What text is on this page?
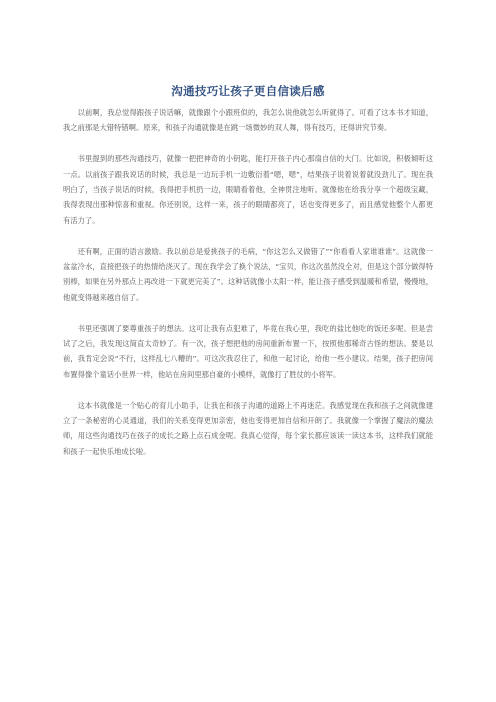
沟通技巧让孩子更自信读后感

以前啊，我总觉得跟孩子说话嘛，就像跟个小跟班似的，我怎么说他就怎么听就得了。可看了这本书才知道，我之前那是大错特错啊。原来，和孩子沟通就像是在跳一场微妙的双人舞，得有技巧，还得讲究节奏。

书里提到的那些沟通技巧，就像一把把神奇的小钥匙，能打开孩子内心那扇自信的大门。比如说，积极倾听这一点。以前孩子跟我说话的时候，我总是一边玩手机一边敷衍着“嗯，嗯”，结果孩子说着说着就没劲儿了。现在我明白了，当孩子说话的时候，我得把手机扔一边，眼睛看着他，全神贯注地听。就像他在给我分享一个超级宝藏，我得表现出那种惊喜和重视。你还别说，这样一来，孩子的眼睛都亮了，话也变得更多了，而且感觉他整个人都更有活力了。

还有啊，正面的语言激励。我以前总是爱挑孩子的毛病，“你这怎么又做错了”“你看看人家谁谁谁”。这就像一盆盆冷水，直接把孩子的热情给浇灭了。现在我学会了换个说法，“宝贝，你这次虽然没全对，但是这个部分做得特别棒，如果在另外那点上再改进一下就更完美了”。这种话就像小太阳一样，能让孩子感受到温暖和希望，慢慢地，他就变得越来越自信了。

书里还强调了要尊重孩子的想法。这可让我有点犯难了，毕竟在我心里，我吃的盐比他吃的饭还多呢。但是尝试了之后，我发现这简直太奇妙了。有一次，孩子想把他的房间重新布置一下，按照他那稀奇古怪的想法。要是以前，我肯定会说“不行，这样乱七八糟的”。可这次我忍住了，和他一起讨论，给他一些小建议。结果，孩子把房间布置得像个童话小世界一样，他站在房间里那自豪的小模样，就像打了胜仗的小将军。

这本书就像是一个贴心的育儿小助手，让我在和孩子沟通的道路上不再迷茫。我感觉现在我和孩子之间就像建立了一条秘密的心灵通道，我们的关系变得更加亲密，他也变得更加自信和开朗了。我就像一个掌握了魔法的魔法师，用这些沟通技巧在孩子的成长之路上点石成金呢。我真心觉得，每个家长都应该读一读这本书，这样我们就能和孩子一起快乐地成长啦。
